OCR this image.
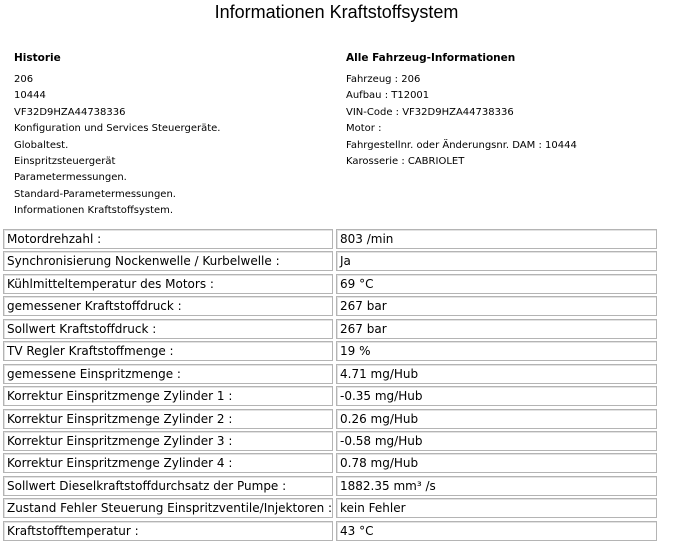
Informationen Kraftstoffsystem
Historie
206
10444
VF32D9HZA44738336
Konfiguration und Services Steuergeräte.
Globaltest.
Einspritzsteuergerät
Parametermessungen.
Standard-Parametermessungen.
Informationen Kraftstoffsystem.
Alle Fahrzeug-Informationen
Fahrzeug : 206
Aufbau : T12001
VIN-Code : VF32D9HZA44738336
Motor :
Fahrgestellnr. oder Änderungsnr. DAM : 10444
Karosserie : CABRIOLET
Motordrehzahl :	803 /min
Synchronisierung Nockenwelle / Kurbelwelle :	Ja
Kühlmitteltemperatur des Motors :	69 °C
gemessener Kraftstoffdruck :	267 bar
Sollwert Kraftstoffdruck :	267 bar
TV Regler Kraftstoffmenge :	19 %
gemessene Einspritzmenge :	4.71 mg/Hub
Korrektur Einspritzmenge Zylinder 1 :	-0.35 mg/Hub
Korrektur Einspritzmenge Zylinder 2 :	0.26 mg/Hub
Korrektur Einspritzmenge Zylinder 3 :	-0.58 mg/Hub
Korrektur Einspritzmenge Zylinder 4 :	0.78 mg/Hub
Sollwert Dieselkraftstoffdurchsatz der Pumpe :	1882.35 mm³ /s
Zustand Fehler Steuerung Einspritzventile/Injektoren : kein Fehler
Kraftstofftemperatur :	43 °C
